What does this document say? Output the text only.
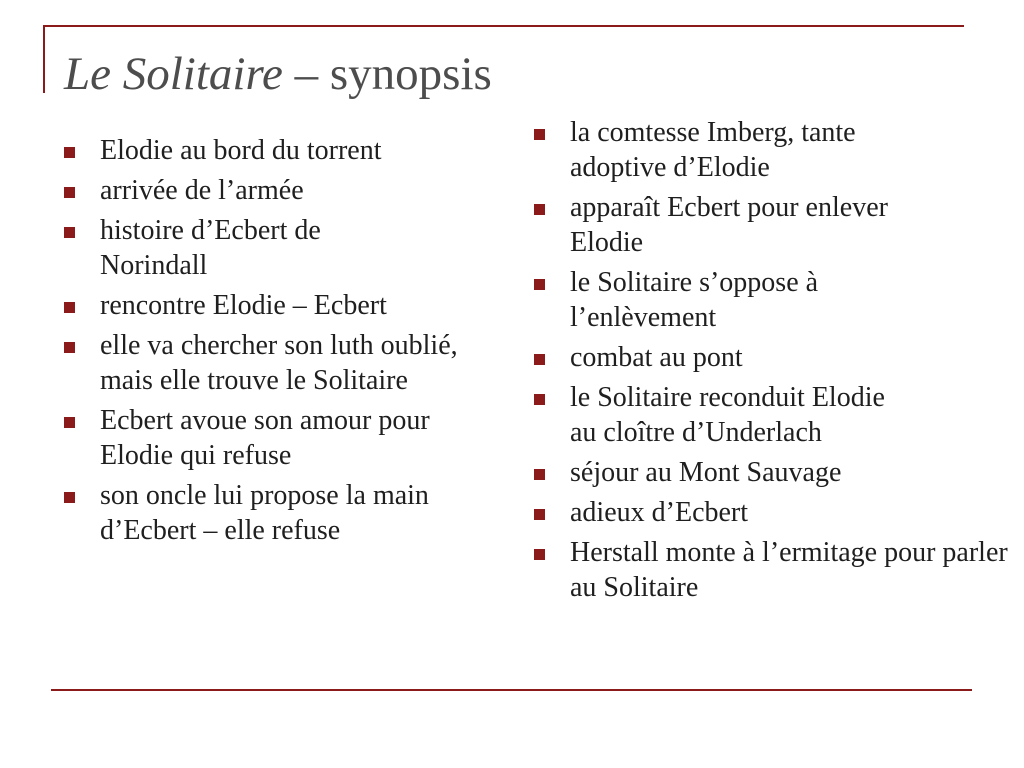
Le Solitaire – synopsis
Elodie au bord du torrent
arrivée de l’armée
histoire d’Ecbert de Norindall
rencontre Elodie – Ecbert
elle va chercher son luth oublié, mais elle trouve le Solitaire
Ecbert avoue son amour pour Elodie qui refuse
son oncle lui propose la main d’Ecbert – elle refuse
la comtesse Imberg, tante adoptive d’Elodie
apparaît Ecbert pour enlever Elodie
le Solitaire s’oppose à l’enlèvement
combat au pont
le Solitaire reconduit Elodie au cloître d’Underlach
séjour au Mont Sauvage
adieux d’Ecbert
Herstall monte à l’ermitage pour parler au Solitaire
